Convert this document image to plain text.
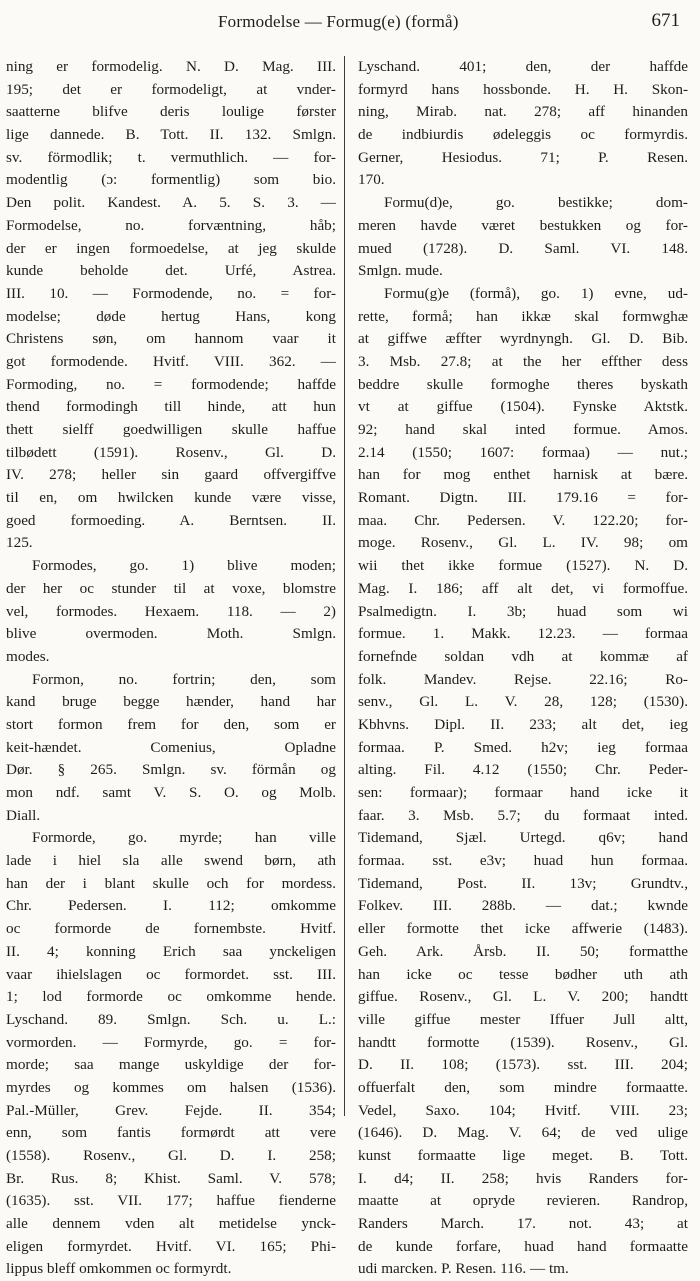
Formodelse — Formug(e) (formå)	671
ning er formodelig. N. D. Mag. III.
195; det er formodeligt, at vnder-
saatterne blifve deris loulige førster
lige dannede. B. Tott. II. 132. Smlgn.
sv. förmodlik; t. vermuthlich. — for-
modentlig (ɔ: formentlig) som bio.
Den polit. Kandest. A. 5. S. 3. —
Formodelse, no. forvæntning, håb;
der er ingen formoedelse, at jeg skulde
kunde beholde det. Urfé, Astrea.
III. 10. — Formodende, no. = for-
modelse; døde hertug Hans, kong
Christens søn, om hannom vaar it
got formodende. Hvitf. VIII. 362. —
Formoding, no. = formodende; haffde
thend formodingh till hinde, att hun
thett sielff goedwilligen skulle haffue
tilbødett (1591). Rosenv., Gl. D.
IV. 278; heller sin gaard offvergiffve
til en, om hwilcken kunde være visse,
goed formoeding. A. Berntsen. II.
125.
Formodes, go. 1) blive moden;
der her oc stunder til at voxe, blomstre
vel, formodes. Hexaem. 118. — 2)
blive overmoden. Moth. Smlgn.
modes.
Formon, no. fortrin; den, som
kand bruge begge hænder, hand har
stort formon frem for den, som er
keit-hændet. Comenius, Opladne
Dør. § 265. Smlgn. sv. förmån og
mon ndf. samt V. S. O. og Molb.
Diall.
Formorde, go. myrde; han ville
lade i hiel sla alle swend børn, ath
han der i blant skulle och for mordess.
Chr. Pedersen. I. 112; omkomme
oc formorde de fornembste. Hvitf.
II. 4; konning Erich saa ynckeligen
vaar ihielslagen oc formordet. sst. III.
1; lod formorde oc omkomme hende.
Lyschand. 89. Smlgn. Sch. u. L.:
vormorden. — Formyrde, go. = for-
morde; saa mange uskyldige der for-
myrdes og kommes om halsen (1536).
Pal.-Müller, Grev. Fejde. II. 354;
enn, som fantis formørdt att vere
(1558). Rosenv., Gl. D. I. 258;
Br. Rus. 8; Khist. Saml. V. 578;
(1635). sst. VII. 177; haffue fienderne
alle dennem vden alt metidelse ynck-
eligen formyrdet. Hvitf. VI. 165; Phi-
lippus bleff omkommen oc formyrdt.
Lyschand. 401; den, der haffde
formyrd hans hossbonde. H. H. Skon-
ning, Mirab. nat. 278; aff hinanden
de indbiurdis ødeleggis oc formyrdis.
Gerner, Hesiodus. 71; P. Resen.
170.
Formu(d)e, go. bestikke; dom-
meren havde været bestukken og for-
mued (1728). D. Saml. VI. 148.
Smlgn. mude.
Formu(g)e (formå), go. 1) evne, ud-
rette, formå; han ikkæ skal formwghæ
at giffwe æffter wyrdnyngh. Gl. D. Bib.
3. Msb. 27.8; at the her effther dess
beddre skulle formoghe theres byskath
vt at giffue (1504). Fynske Aktstk.
92; hand skal inted formue. Amos.
2.14 (1550; 1607: formaa) — nut.;
han for mog enthet harnisk at bære.
Romant. Digtn. III. 179.16 = for-
maa. Chr. Pedersen. V. 122.20; for-
moge. Rosenv., Gl. L. IV. 98; om
wii thet ikke formue (1527). N. D.
Mag. I. 186; aff alt det, vi formoffue.
Psalmedigtn. I. 3b; huad som wi
formue. 1. Makk. 12.23. — formaa
fornefnde soldan vdh at kommæ af
folk. Mandev. Rejse. 22.16; Ro-
senv., Gl. L. V. 28, 128; (1530).
Kbhvns. Dipl. II. 233; alt det, ieg
formaa. P. Smed. h2v; ieg formaa
alting. Fil. 4.12 (1550; Chr. Peder-
sen: formaar); formaar hand icke it
faar. 3. Msb. 5.7; du formaat inted.
Tidemand, Sjæl. Urtegd. q6v; hand
formaa. sst. e3v; huad hun formaa.
Tidemand, Post. II. 13v; Grundtv.,
Folkev. III. 288b. — dat.; kwnde
eller formotte thet icke affwerie (1483).
Geh. Ark. Årsb. II. 50; formatthe
han icke oc tesse bødher uth ath
giffue. Rosenv., Gl. L. V. 200; handtt
ville giffue mester Iffuer Jull altt,
handtt formotte (1539). Rosenv., Gl.
D. II. 108; (1573). sst. III. 204;
offuerfalt den, som mindre formaatte.
Vedel, Saxo. 104; Hvitf. VIII. 23;
(1646). D. Mag. V. 64; de ved ulige
kunst formaatte lige meget. B. Tott.
I. d4; II. 258; hvis Randers for-
maatte at opryde revieren. Randrop,
Randers March. 17. not. 43; at
de kunde forfare, huad hand formaatte
udi marcken. P. Resen. 116. — tm.
